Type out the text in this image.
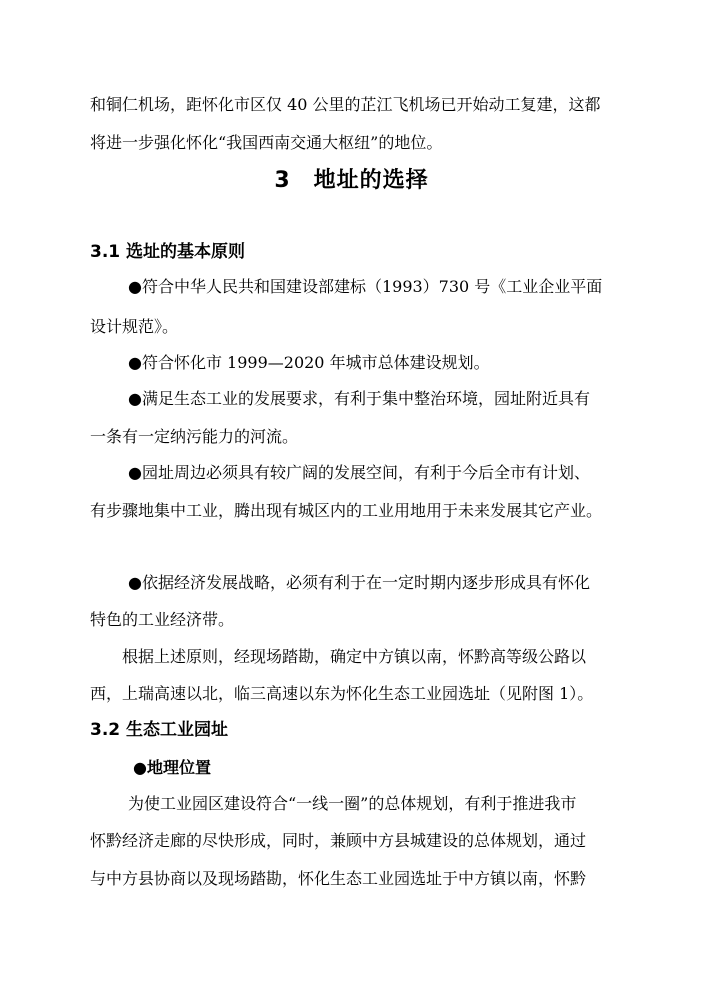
和铜仁机场，距怀化市区仅 40 公里的芷江飞机场已开始动工复建，这都
将进一步强化怀化“我国西南交通大枢纽”的地位。
3　地址的选择
3.1 选址的基本原则
●符合中华人民共和国建设部建标（1993）730 号《工业企业平面
设计规范》。
●符合怀化市 1999—2020 年城市总体建设规划。
●满足生态工业的发展要求，有利于集中整治环境，园址附近具有
一条有一定纳污能力的河流。
●园址周边必须具有较广阔的发展空间，有利于今后全市有计划、
有步骤地集中工业，腾出现有城区内的工业用地用于未来发展其它产业。
●依据经济发展战略，必须有利于在一定时期内逐步形成具有怀化
特色的工业经济带。
根据上述原则，经现场踏勘，确定中方镇以南，怀黔高等级公路以
西，上瑞高速以北，临三高速以东为怀化生态工业园选址（见附图 1）。
3.2 生态工业园址
●地理位置
为使工业园区建设符合“一线一圈”的总体规划，有利于推进我市
怀黔经济走廊的尽快形成，同时，兼顾中方县城建设的总体规划，通过
与中方县协商以及现场踏勘，怀化生态工业园选址于中方镇以南，怀黔
